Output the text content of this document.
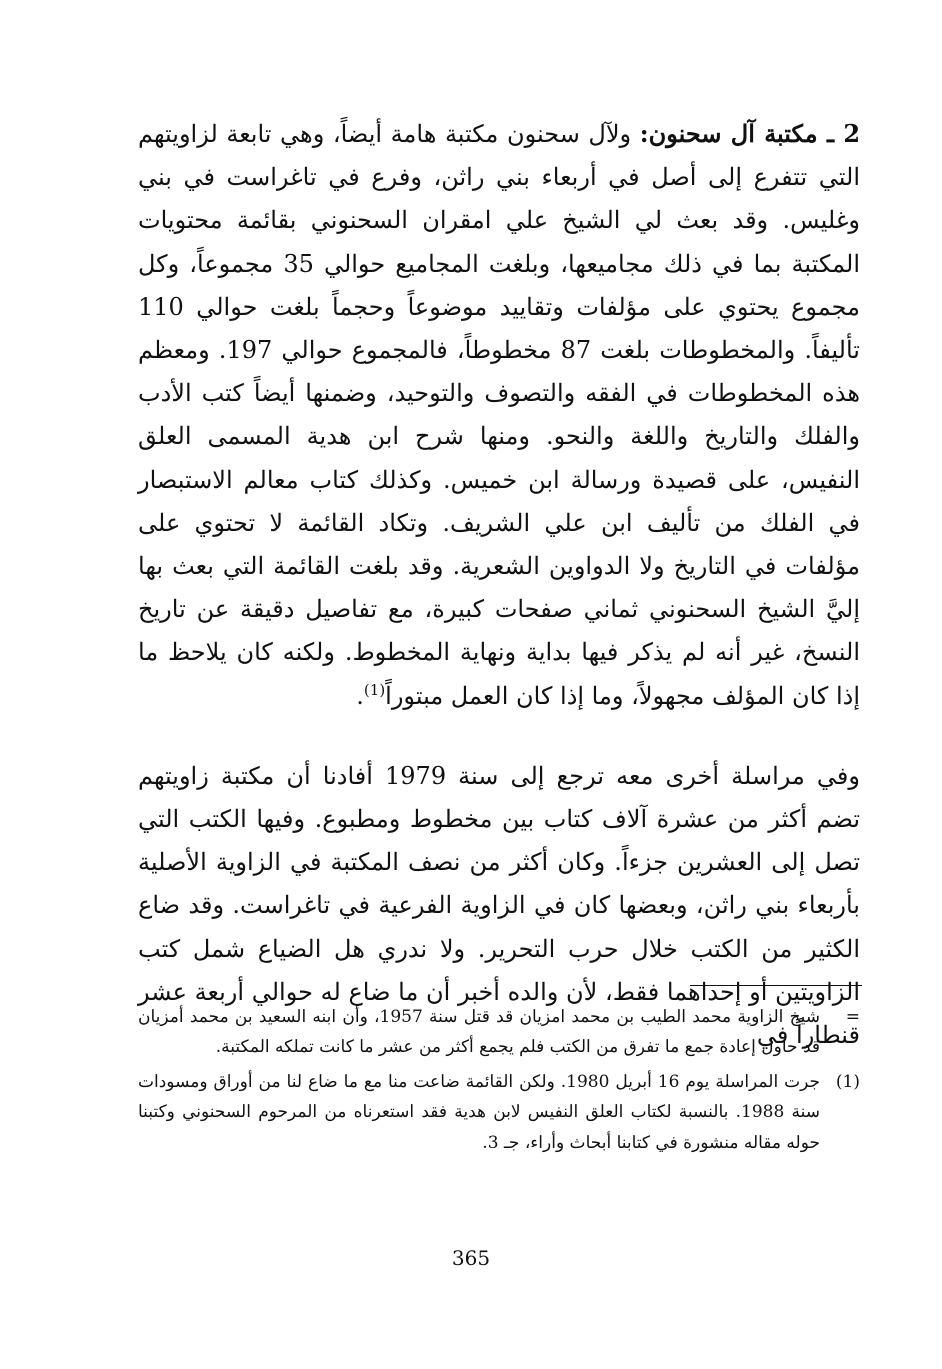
2 ـ مكتبة آل سحنون: ولآل سحنون مكتبة هامة أيضاً، وهي تابعة لزاويتهم التي تتفرع إلى أصل في أربعاء بني راثن، وفرع في تاغراست في بني وغليس. وقد بعث لي الشيخ علي امقران السحنوني بقائمة محتويات المكتبة بما في ذلك مجاميعها، وبلغت المجاميع حوالي 35 مجموعاً، وكل مجموع يحتوي على مؤلفات وتقاييد موضوعاً وحجماً بلغت حوالي 110 تأليفاً. والمخطوطات بلغت 87 مخطوطاً، فالمجموع حوالي 197. ومعظم هذه المخطوطات في الفقه والتصوف والتوحيد، وضمنها أيضاً كتب الأدب والفلك والتاريخ واللغة والنحو. ومنها شرح ابن هدية المسمى العلق النفيس، على قصيدة ورسالة ابن خميس. وكذلك كتاب معالم الاستبصار في الفلك من تأليف ابن علي الشريف. وتكاد القائمة لا تحتوي على مؤلفات في التاريخ ولا الدواوين الشعرية. وقد بلغت القائمة التي بعث بها إليَّ الشيخ السحنوني ثماني صفحات كبيرة، مع تفاصيل دقيقة عن تاريخ النسخ، غير أنه لم يذكر فيها بداية ونهاية المخطوط. ولكنه كان يلاحظ ما إذا كان المؤلف مجهولاً، وما إذا كان العمل مبتوراً$^{(1)}$.

وفي مراسلة أخرى معه ترجع إلى سنة 1979 أفادنا أن مكتبة زاويتهم تضم أكثر من عشرة آلاف كتاب بين مخطوط ومطبوع. وفيها الكتب التي تصل إلى العشرين جزءاً. وكان أكثر من نصف المكتبة في الزاوية الأصلية بأربعاء بني راثن، وبعضها كان في الزاوية الفرعية في تاغراست. وقد ضاع الكثير من الكتب خلال حرب التحرير. ولا ندري هل الضياع شمل كتب الزاويتين أو إحداهما فقط، لأن والده أخبر أن ما ضاع له حوالي أربعة عشر قنطاراً في

=

شيخ الزاوية محمد الطيب بن محمد امزيان قد قتل سنة 1957، وأن ابنه السعيد بن محمد أمزيان قد حاول إعادة جمع ما تفرق من الكتب فلم يجمع أكثر من عشر ما كانت تملكه المكتبة.

(1)

جرت المراسلة يوم 16 أبريل 1980. ولكن القائمة ضاعت منا مع ما ضاع لنا من أوراق ومسودات سنة 1988. بالنسبة لكتاب العلق النفيس لابن هدية فقد استعرناه من المرحوم السحنوني وكتبنا حوله مقاله منشورة في كتابنا أبحاث وأراء، جـ 3.

365
